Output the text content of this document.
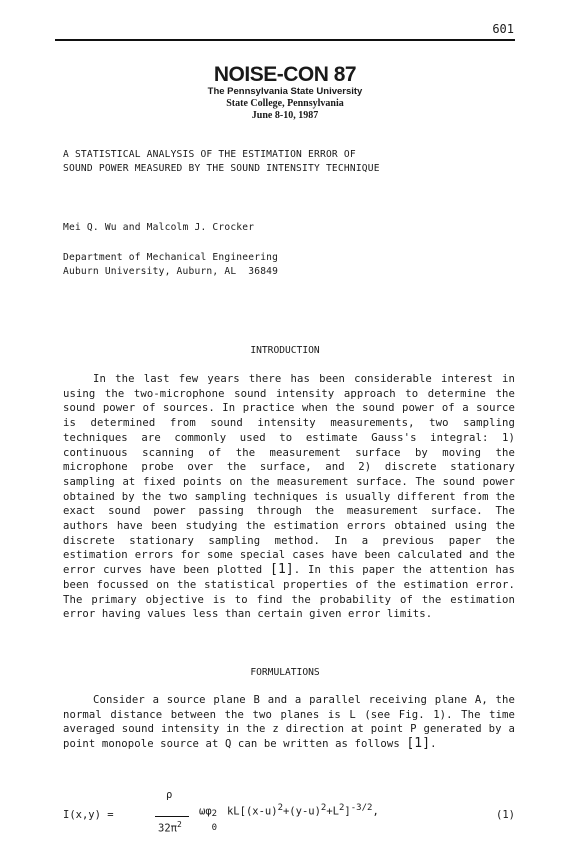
601
NOISE-CON 87
The Pennsylvania State University
State College, Pennsylvania
June 8-10, 1987
A STATISTICAL ANALYSIS OF THE ESTIMATION ERROR OF
SOUND POWER MEASURED BY THE SOUND INTENSITY TECHNIQUE
Mei Q. Wu and Malcolm J. Crocker
Department of Mechanical Engineering
Auburn University, Auburn, AL  36849
INTRODUCTION

In the last few years there has been considerable interest in using the two-microphone sound intensity approach to determine the sound power of sources. In practice when the sound power of a source is determined from sound intensity measurements, two sampling techniques are commonly used to estimate Gauss's integral: 1) continuous scanning of the measurement surface by moving the microphone probe over the surface, and 2) discrete stationary sampling at fixed points on the measurement surface. The sound power obtained by the two sampling techniques is usually different from the exact sound power passing through the measurement surface. The authors have been studying the estimation errors obtained using the discrete stationary sampling method. In a previous paper the estimation errors for some special cases have been calculated and the error curves have been plotted [1]. In this paper the attention has been focussed on the statistical properties of the estimation error. The primary objective is to find the probability of the estimation error having values less than certain given error limits.

FORMULATIONS

Consider a source plane B and a parallel receiving plane A, the normal distance between the two planes is L (see Fig. 1). The time averaged sound intensity in the z direction at point P generated by a point monopole source at Q can be written as follows [1].

I(x,y) =
ρ
$32\pi^2$
ωφ 2
0
$kL[(x-u)^2+(y-u)^2+L^2]^{-3/2}$,	(1)
